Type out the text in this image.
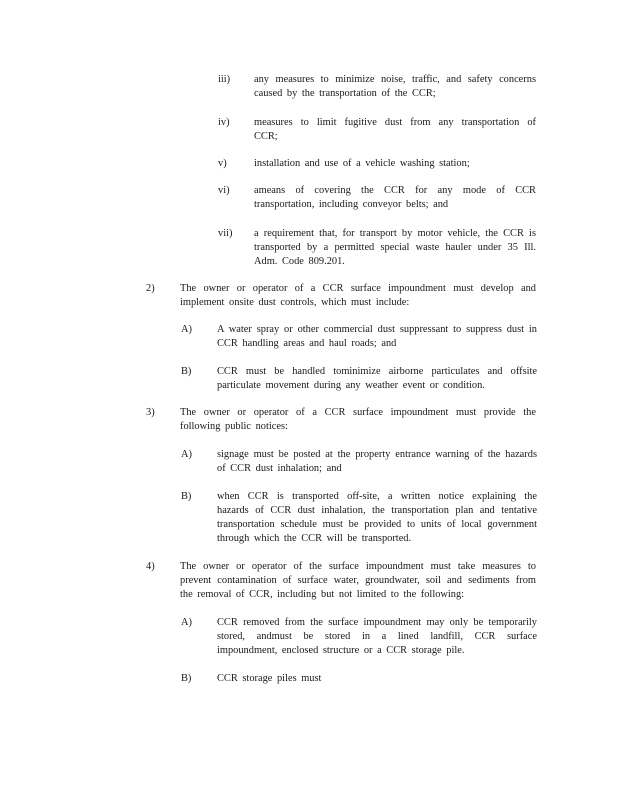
iii) any measures to minimize noise, traffic, and safety concerns caused by the transportation of the CCR;
iv) measures to limit fugitive dust from any transportation of CCR;
v)	installation and use of a vehicle washing station;
vi) ameans of covering the CCR for any mode of CCR transportation, including conveyor belts; and
vii) a requirement that, for transport by motor vehicle, the CCR is transported by a permitted special waste hauler under 35 Ill. Adm. Code 809.201.
2) The owner or operator of a CCR surface impoundment must develop and implement onsite dust controls, which must include:
A) A water spray or other commercial dust suppressant to suppress dust in CCR handling areas and haul roads; and
B) CCR must be handled tominimize airborne particulates and offsite particulate movement during any weather event or condition.
3) The owner or operator of a CCR surface impoundment must provide the following public notices:
A) signage must be posted at the property entrance warning of the hazards of CCR dust inhalation; and
B) when CCR is transported off-site, a written notice explaining the hazards of CCR dust inhalation, the transportation plan and tentative transportation schedule must be provided to units of local government through which the CCR will be transported.
4) The owner or operator of the surface impoundment must take measures to prevent contamination of surface water, groundwater, soil and sediments from the removal of CCR, including but not limited to the following:
A) CCR removed from the surface impoundment may only be temporarily stored, andmust be stored in a lined landfill, CCR surface impoundment, enclosed structure or a CCR storage pile.
B) CCR storage piles must
